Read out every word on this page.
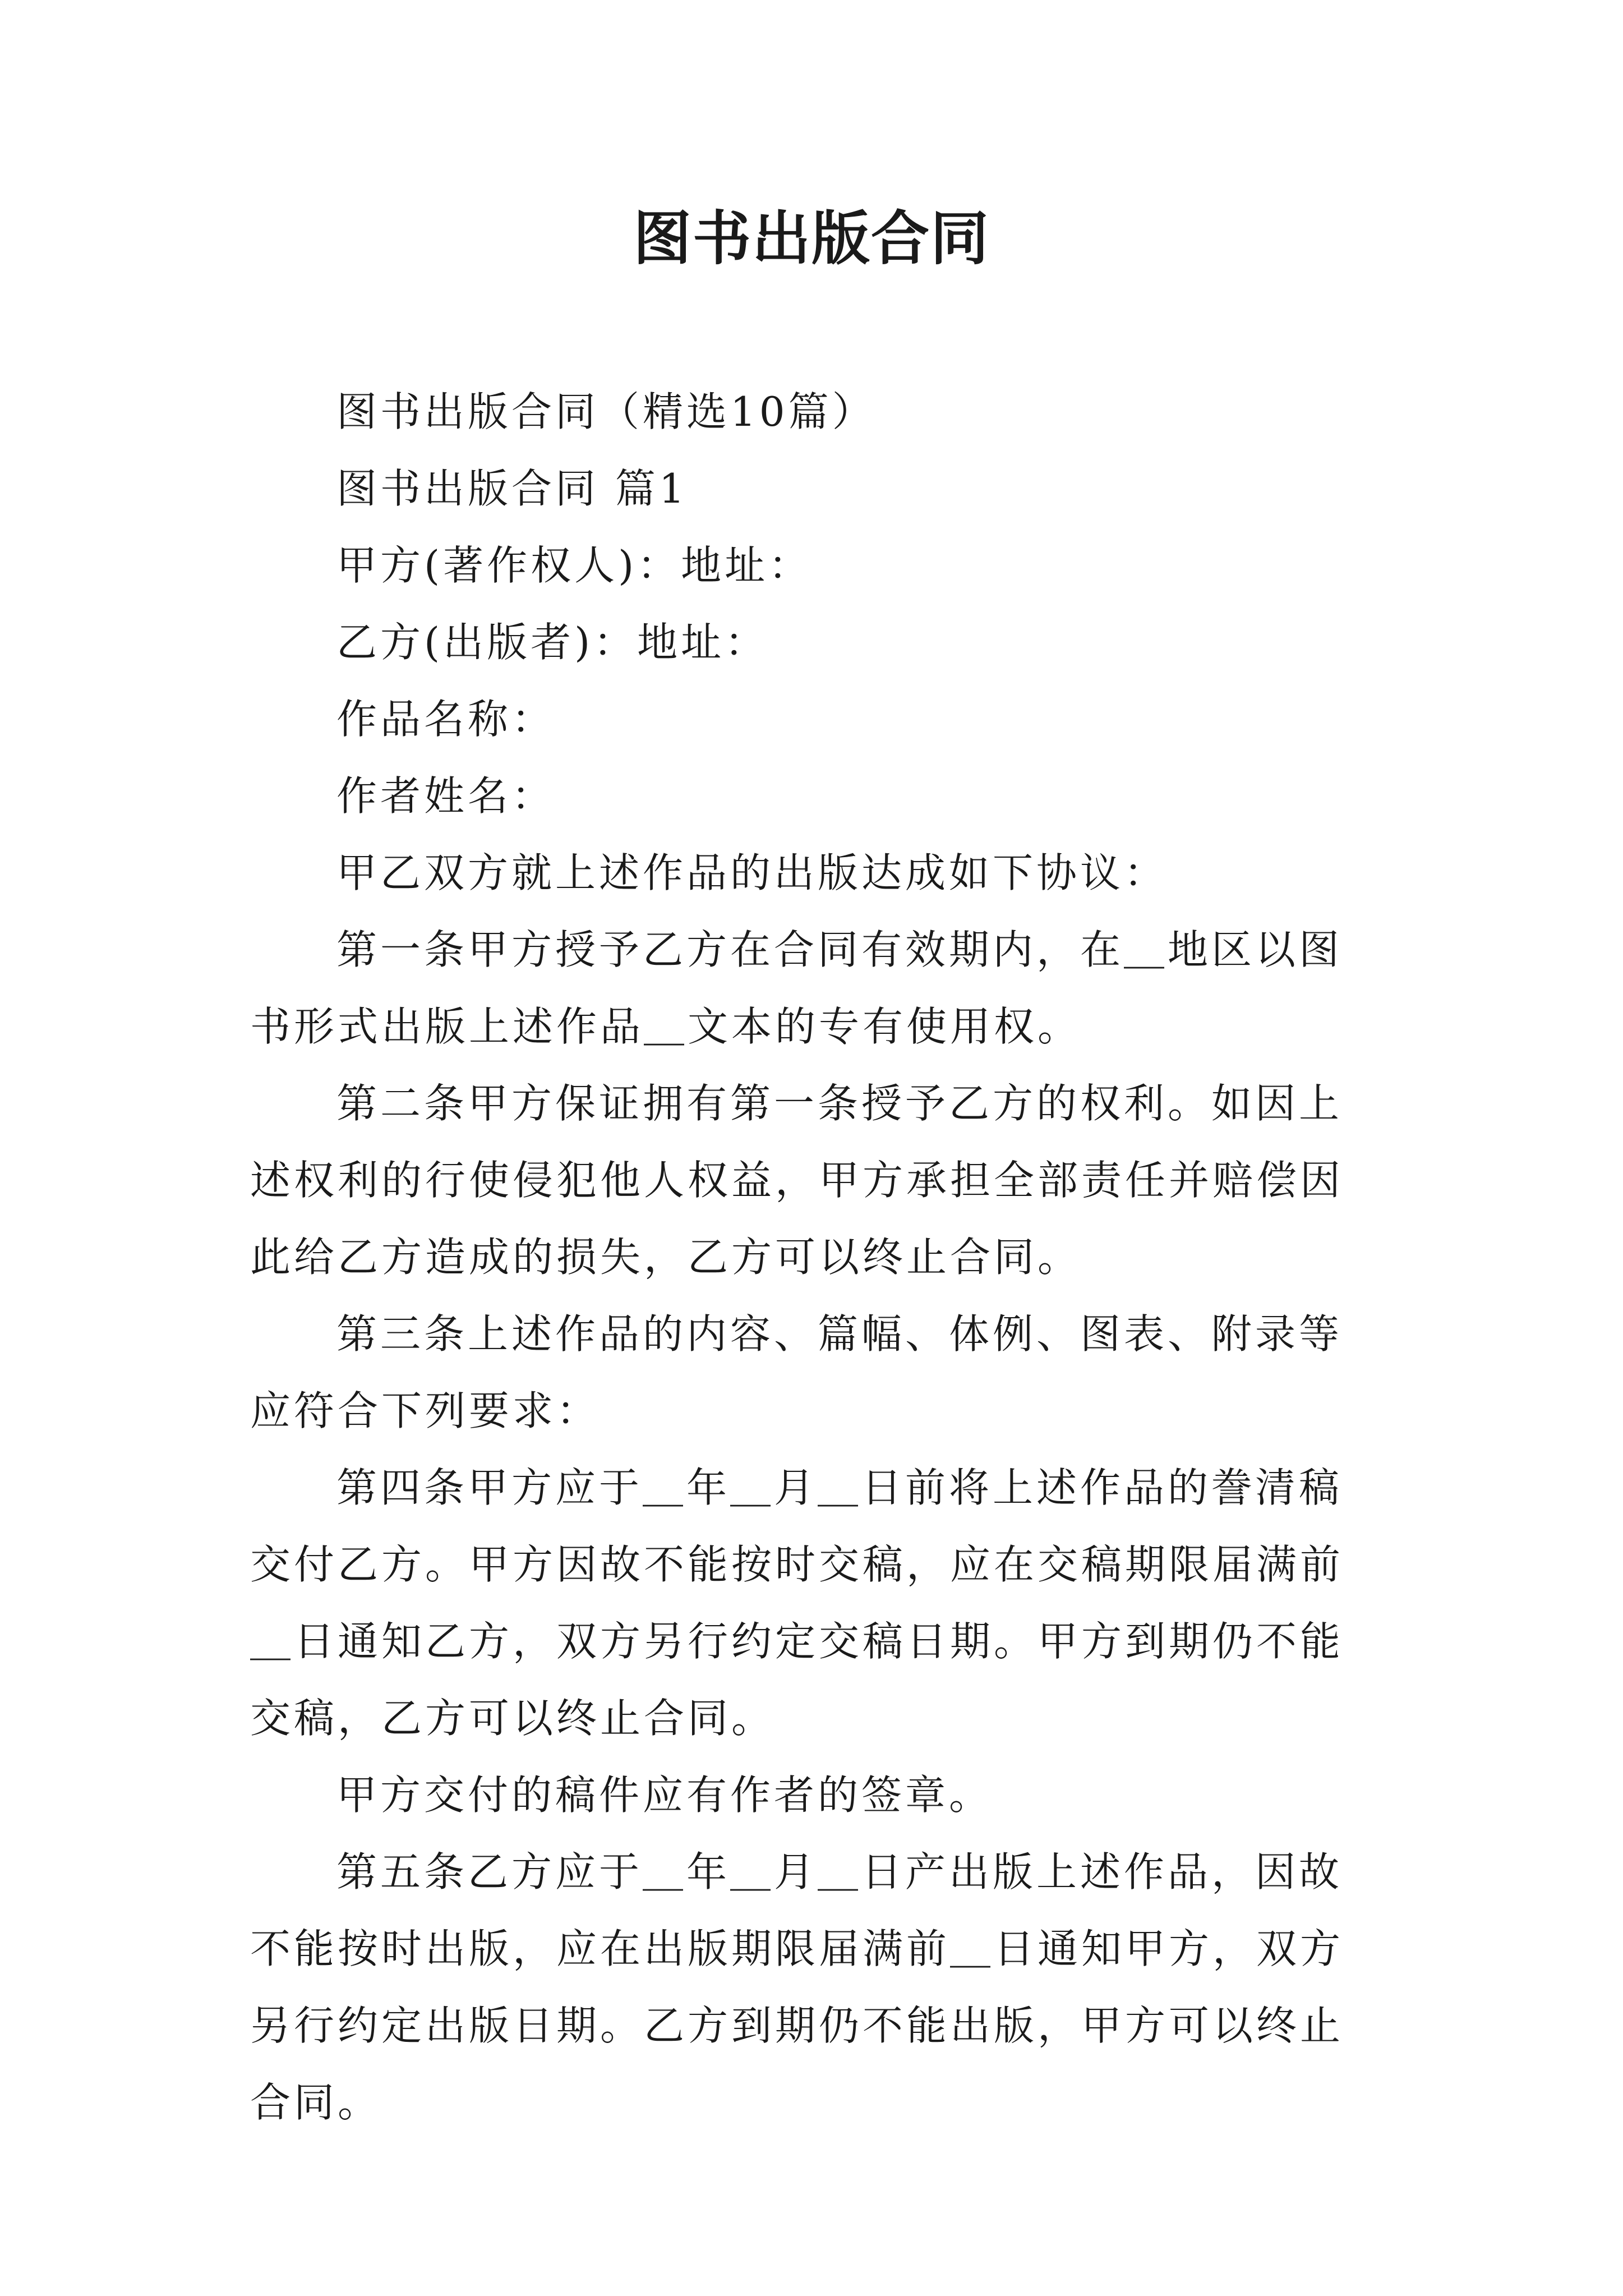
图书出版合同

图书出版合同（精选10篇）

图书出版合同 篇1

甲方(著作权人)：地址：

乙方(出版者)：地址：

作品名称：

作者姓名：

甲乙双方就上述作品的出版达成如下协议：

第一条甲方授予乙方在合同有效期内，在＿地区以图书形式出版上述作品＿文本的专有使用权。

第二条甲方保证拥有第一条授予乙方的权利。如因上述权利的行使侵犯他人权益，甲方承担全部责任并赔偿因此给乙方造成的损失，乙方可以终止合同。

第三条上述作品的内容、篇幅、体例、图表、附录等应符合下列要求：

第四条甲方应于＿年＿月＿日前将上述作品的誊清稿交付乙方。甲方因故不能按时交稿，应在交稿期限届满前＿日通知乙方，双方另行约定交稿日期。甲方到期仍不能交稿，乙方可以终止合同。

甲方交付的稿件应有作者的签章。

第五条乙方应于＿年＿月＿日产出版上述作品，因故不能按时出版，应在出版期限届满前＿日通知甲方，双方另行约定出版日期。乙方到期仍不能出版，甲方可以终止合同。
